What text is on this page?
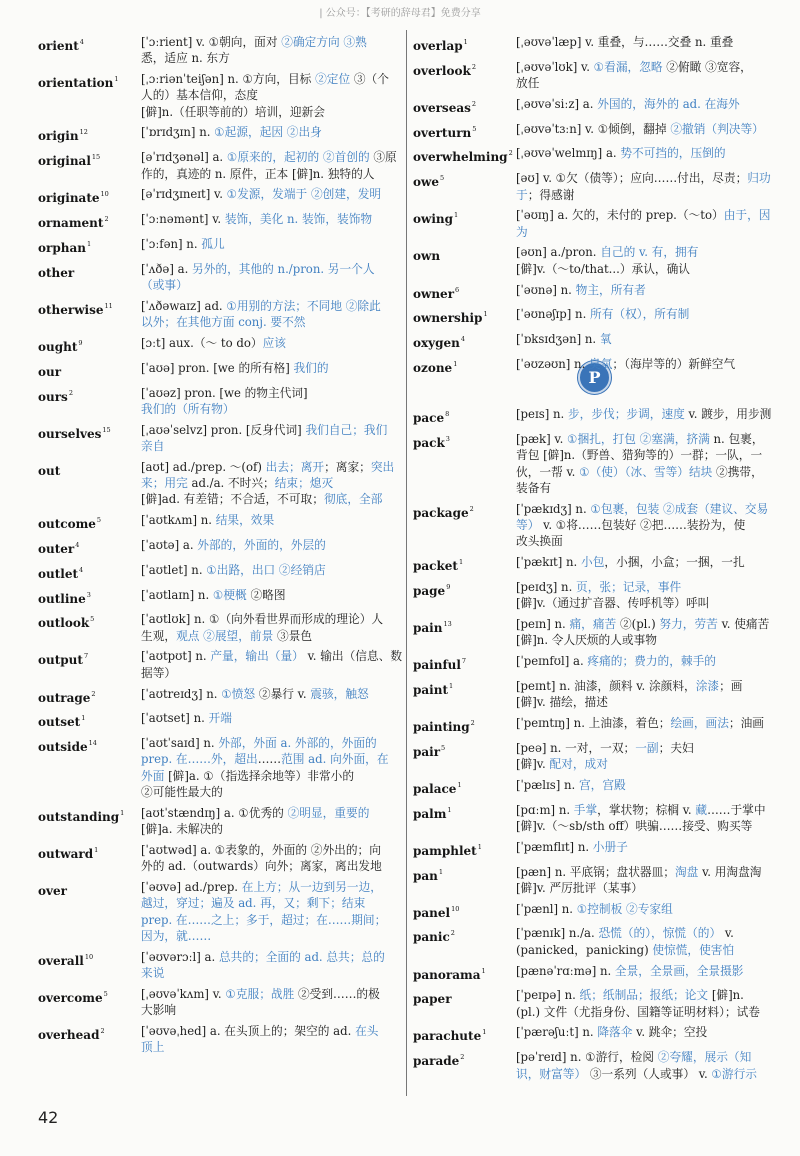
| 公众号：【考研的辞母君】免费分享
P
orient$^4$	[ˈɔːrient] v. ①朝向，面对 ②确定方向 ③熟
悉，适应 n. 东方
orientation$^1$	[ˌɔːriənˈteiʃən] n. ①方向，目标 ②定位 ③（个
人的）基本信仰，态度
[僻]n.（任职等前的）培训，迎新会
origin$^{12}$	[ˈɒrɪdʒɪn] n. ①起源，起因 ②出身
original$^{15}$	[əˈrɪdʒənəl] a. ①原来的，起初的 ②首创的 ③原
作的，真迹的 n. 原件，正本 [僻]n. 独特的人
originate$^{10}$	[əˈrɪdʒɪneɪt] v. ①发源，发端于 ②创建，发明
ornament$^2$	[ˈɔːnəmənt] v. 装饰，美化 n. 装饰，装饰物
orphan$^1$	[ˈɔːfən] n. 孤儿
other	[ˈʌðə] a. 另外的，其他的 n./pron. 另一个人
（或事）
otherwise$^{11}$	[ˈʌðəwaɪz] ad. ①用别的方法；不同地 ②除此
以外；在其他方面 conj. 要不然
ought$^9$	[ɔːt] aux.（～ to do）应该
our	[ˈaʊə] pron. [we 的所有格] 我们的
ours$^2$	[ˈaʊəz] pron. [we 的物主代词] 我们的（所有物）
ourselves$^{15}$	[ˌaʊəˈselvz] pron. [反身代词] 我们自己；我们
亲自
out	[aʊt] ad./prep. ～(of) 出去；离开；离家；突出
来；用完 ad./a. 不时兴；结束；熄灭
[僻]ad. 有差错；不合适，不可取；彻底，全部
outcome$^5$	[ˈaʊtkʌm] n. 结果，效果
outer$^4$	[ˈaʊtə] a. 外部的，外面的，外层的
outlet$^4$	[ˈaʊtlet] n. ①出路，出口 ②经销店
outline$^3$	[ˈaʊtlaɪn] n. ①梗概 ②略图
outlook$^5$	[ˈaʊtlʊk] n. ①（向外看世界而形成的理论）人
生观，观点 ②展望，前景 ③景色
output$^7$	[ˈaʊtpʊt] n. 产量，输出（量） v. 输出（信息、数
据等）
outrage$^2$	[ˈaʊtreɪdʒ] n. ①愤怒 ②暴行 v. 震骇，触怒
outset$^1$	[ˈaʊtset] n. 开端
outside$^{14}$	[ˈaʊtˈsaɪd] n. 外部，外面 a. 外部的，外面的
prep. 在……外，超出……范围 ad. 向外面，在
外面 [僻]a. ①（指选择余地等）非常小的
②可能性最大的
outstanding$^1$	[aʊtˈstændɪŋ] a. ①优秀的 ②明显，重要的
[僻]a. 未解决的
outward$^1$	[ˈaʊtwəd] a. ①表象的，外面的 ②外出的；向
外的 ad.（outwards）向外；离家，离出发地
over	[ˈəʊvə] ad./prep. 在上方；从一边到另一边，
越过，穿过；遍及 ad. 再，又；剩下；结束
prep. 在……之上；多于，超过；在……期间；
因为，就……
overall$^{10}$	[ˈəʊvərɔːl] a. 总共的；全面的 ad. 总共；总的
来说
overcome$^5$	[ˌəʊvəˈkʌm] v. ①克服；战胜 ②受到……的极
大影响
overhead$^2$	[ˈəʊvəˌhed] a. 在头顶上的；架空的 ad. 在头
顶上
overlap$^1$	[ˌəʊvəˈlæp] v. 重叠，与……交叠 n. 重叠
overlook$^2$	[ˌəʊvəˈlʊk] v. ①看漏，忽略 ②俯瞰 ③宽容，
放任
overseas$^2$	[ˌəʊvəˈsiːz] a. 外国的，海外的 ad. 在海外
overturn$^5$	[ˌəʊvəˈtɜːn] v. ①倾倒，翻掉 ②撤销（判决等）
overwhelming$^2$ [ˌəʊvəˈwelmɪŋ] a. 势不可挡的，压倒的
owe$^5$	[əʊ] v. ①欠（债等）；应向……付出，尽责；归功
于；得感谢
owing$^1$	[ˈəʊɪŋ] a. 欠的，未付的 prep.（～to）由于，因为
own	[əʊn] a./pron. 自己的 v. 有，拥有
[僻]v.（～to/that...）承认，确认
owner$^6$	[ˈəʊnə] n. 物主，所有者
ownership$^1$	[ˈəʊnəʃɪp] n. 所有（权），所有制
oxygen$^4$	[ˈɒksɪdʒən] n. 氧
ozone$^1$	[ˈəʊzəʊn] n. 臭氧；（海岸等的）新鲜空气
pace$^8$	[peɪs] n. 步，步伐；步调，速度 v. 踱步，用步测
pack$^3$	[pæk] v. ①捆扎，打包 ②塞满，挤满 n. 包裹，
背包 [僻]n.（野兽、猎狗等的）一群；一队，一
伙，一帮 v. ①（使）（冰、雪等）结块 ②携带，
装备有
package$^2$	[ˈpækɪdʒ] n. ①包裹，包装 ②成套（建议、交易
等） v. ①将……包装好 ②把……装扮为，使
改头换面
packet$^1$	[ˈpækɪt] n. 小包，小捆，小盒；一捆，一扎
page$^9$	[peɪdʒ] n. 页，张；记录，事件
[僻]v.（通过扩音器、传呼机等）呼叫
pain$^{13}$	[peɪn] n. 痛，痛苦 ②(pl.) 努力，劳苦 v. 使痛苦
[僻]n. 令人厌烦的人或事物
painful$^7$	[ˈpeɪnfʊl] a. 疼痛的；费力的，棘手的
paint$^1$	[peɪnt] n. 油漆，颜料 v. 涂颜料，涂漆；画
[僻]v. 描绘，描述
painting$^2$	[ˈpeɪntɪŋ] n. 上油漆，着色；绘画，画法；油画
pair$^5$	[peə] n. 一对，一双；一副；夫妇
[僻]v. 配对，成对
palace$^1$	[ˈpælɪs] n. 宫，宫殿
palm$^1$	[pɑːm] n. 手掌，掌状物；棕榈 v. 藏……于掌中
[僻]v.（～sb/sth off）哄骗……接受、购买等
pamphlet$^1$	[ˈpæmflɪt] n. 小册子
pan$^1$	[pæn] n. 平底锅；盘状器皿；淘盘 v. 用淘盘淘
[僻]v. 严厉批评（某事）
panel$^{10}$	[ˈpænl] n. ①控制板 ②专家组
panic$^2$	[ˈpænɪk] n./a. 恐慌（的），惊慌（的） v.
(panicked，panicking) 使惊慌，使害怕
panorama$^1$	[pænəˈrɑːmə] n. 全景，全景画，全景摄影
paper	[ˈpeɪpə] n. 纸；纸制品；报纸；论文 [僻]n.
(pl.) 文件（尤指身份、国籍等证明材料）；试卷
parachute$^1$	[ˈpærəʃuːt] n. 降落伞 v. 跳伞；空投
parade$^2$	[pəˈreɪd] n. ①游行，检阅 ②夸耀，展示（知
识，财富等） ③一系列（人或事） v. ①游行示
42
